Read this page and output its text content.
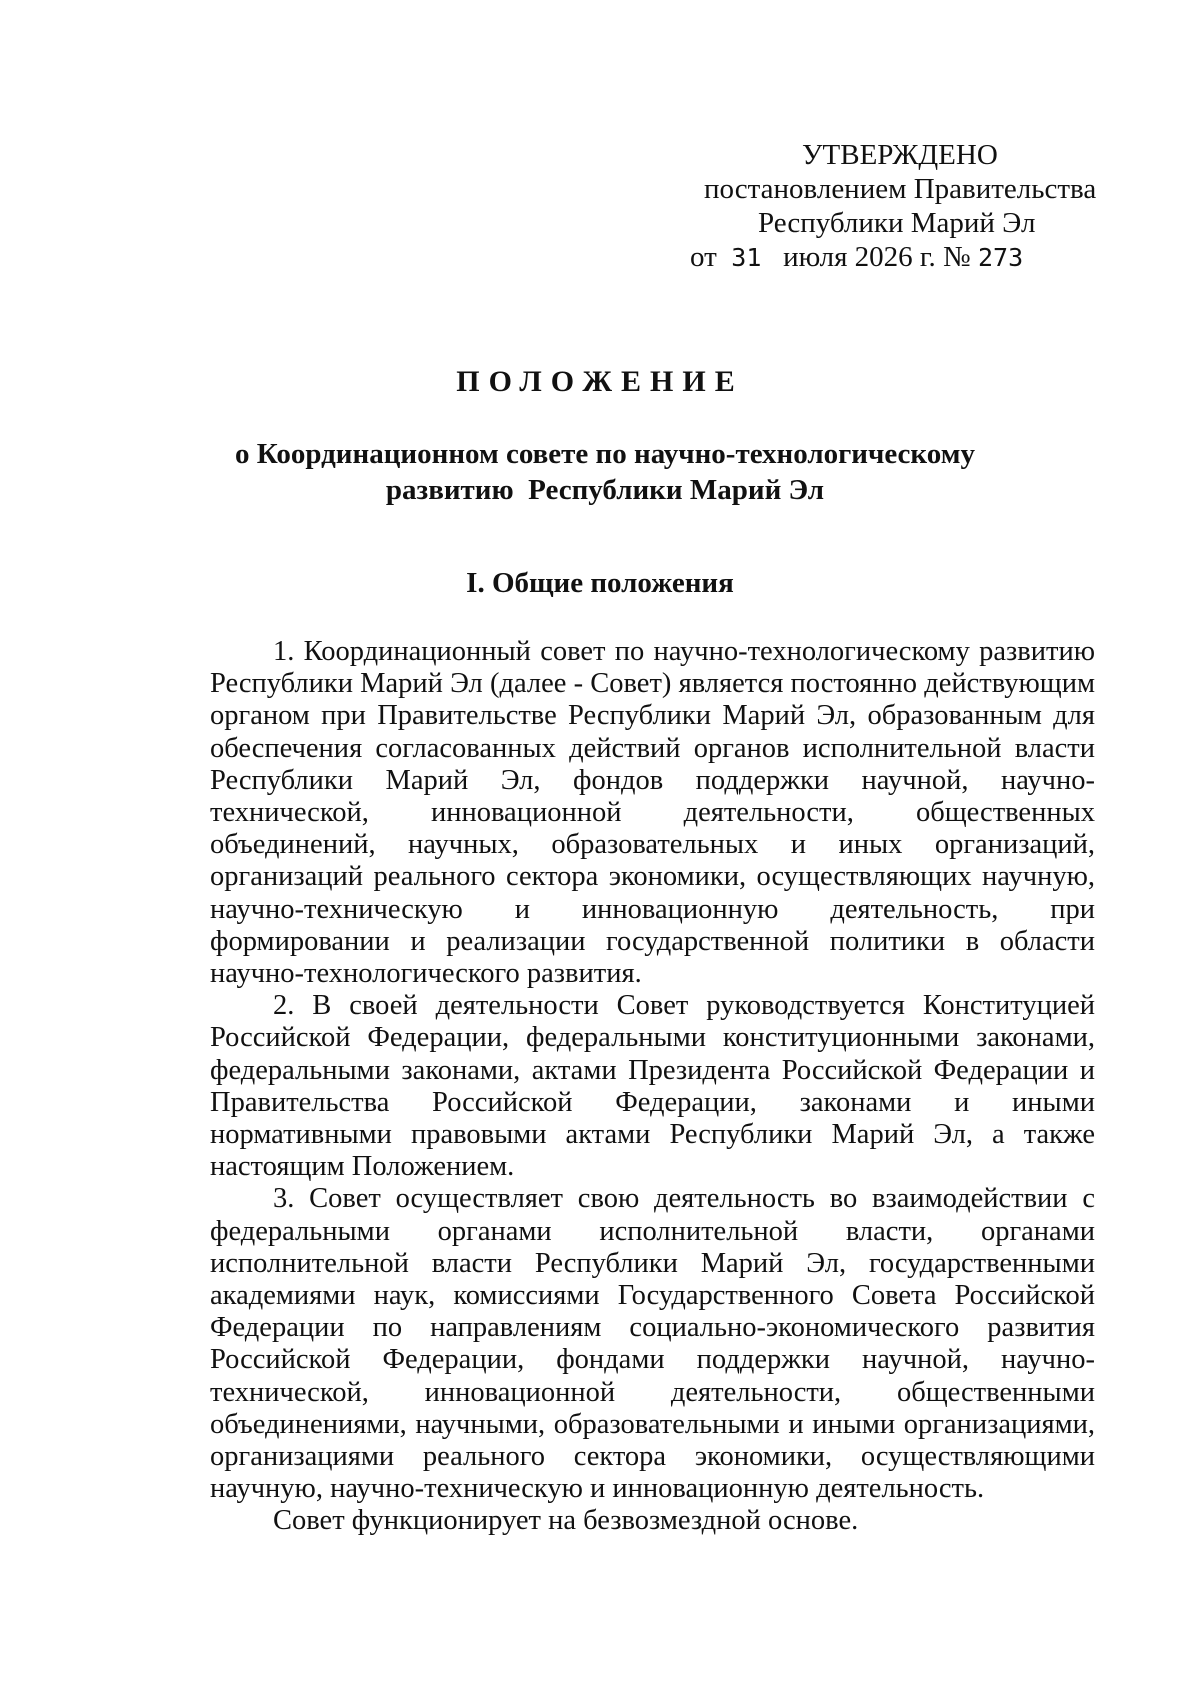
УТВЕРЖДЕНО
постановлением Правительства
Республики Марий Эл
от 31 июля 2026 г. № 273
ПОЛОЖЕНИЕ
о Координационном совете по научно-технологическому
развитию  Республики Марий Эл
I. Общие положения

1. Координационный совет по научно-технологическому развитию Республики Марий Эл (далее - Совет) является постоянно действующим органом при Правительстве Республики Марий Эл, образованным для обеспечения согласованных действий органов исполнительной власти Республики Марий Эл, фондов поддержки научной, научно-технической, инновационной деятельности, общественных объединений, научных, образовательных и иных организаций, организаций реального сектора экономики, осуществляющих научную, научно-техническую и инновационную деятельность, при формировании и реализации государственной политики в области научно-технологического развития.

2. В своей деятельности Совет руководствуется Конституцией Российской Федерации, федеральными конституционными законами, федеральными законами, актами Президента Российской Федерации и Правительства Российской Федерации, законами и иными нормативными правовыми актами Республики Марий Эл, а также настоящим Положением.

3. Совет осуществляет свою деятельность во взаимодействии с федеральными органами исполнительной власти, органами исполнительной власти Республики Марий Эл, государственными академиями наук, комиссиями Государственного Совета Российской Федерации по направлениям социально-экономического развития Российской Федерации, фондами поддержки научной, научно-технической, инновационной деятельности, общественными объединениями, научными, образовательными и иными организациями, организациями реального сектора экономики, осуществляющими научную, научно-техническую и инновационную деятельность.

Совет функционирует на безвозмездной основе.
